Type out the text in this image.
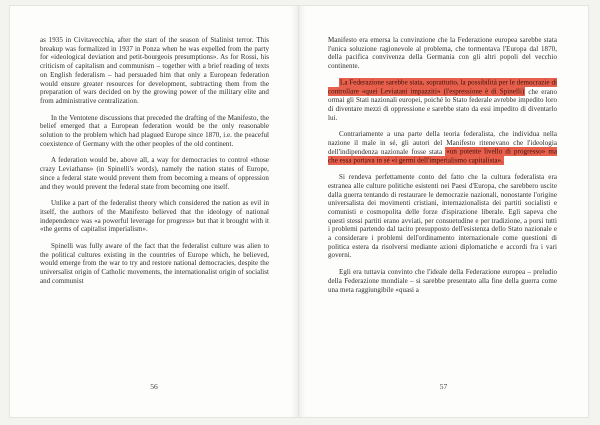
as 1935 in Civitavecchia, after the start of the season of Stalinist terror. This breakup was formalized in 1937 in Ponza when he was expelled from the party for «ideological deviation and petit-bourgeois presumptions». As for Rossi, his criticism of capitalism and communism – together with a brief reading of texts on English federalism – had persuaded him that only a European federation would ensure greater resources for development, subtracting them from the preparation of wars decided on by the growing power of the military elite and from administrative centralization.

In the Ventotene discussions that preceded the drafting of the Manifesto, the belief emerged that a European federation would be the only reasonable solution to the problem which had plagued Europe since 1870, i.e. the peaceful coexistence of Germany with the other peoples of the old continent.

A federation would be, above all, a way for democracies to control «those crazy Leviathans» (in Spinelli's words), namely the nation states of Europe, since a federal state would prevent them from becoming a means of oppression and they would prevent the federal state from becoming one itself.

Unlike a part of the federalist theory which considered the nation as evil in itself, the authors of the Manifesto believed that the ideology of national independence was «a powerful leverage for progress» but that it brought with it «the germs of capitalist imperialism».

Spinelli was fully aware of the fact that the federalist culture was alien to the political cultures existing in the countries of Europe which, he believed, would emerge from the war to try and restore national democracies, despite the universalist origin of Catholic movements, the internationalist origin of socialist and communist

56

Manifesto era emersa la convinzione che la Federazione europea sarebbe stata l'unica soluzione ragionevole al problema, che tormentava l'Europa dal 1870, della pacifica convivenza della Germania con gli altri popoli del vecchio continente.

La Federazione sarebbe stata, soprattutto, la possibilità per le democrazie di controllare «quei Leviatani impazziti» (l'espressione è di Spinelli) che erano ormai gli Stati nazionali europei, poiché lo Stato federale avrebbe impedito loro di diventare mezzi di oppressione e sarebbe stato da essi impedito di diventarlo lui.

Contrariamente a una parte della teoria federalista, che individua nella nazione il male in sé, gli autori del Manifesto ritenevano che l'ideologia dell'indipendenza nazionale fosse stata «un potente livello di progresso» ma che essa portava in sé «i germi dell'imperialismo capitalista».

Si rendeva perfettamente conto del fatto che la cultura federalista era estranea alle culture politiche esistenti nei Paesi d'Europa, che sarebbero uscite dalla guerra tentando di restaurare le democrazie nazionali, nonostante l'origine universalista dei movimenti cristiani, internazionalista dei partiti socialisti e comunisti e cosmopolita delle forze d'ispirazione liberale. Egli sapeva che questi stessi partiti erano avviati, per consuetudine e per tradizione, a porsi tutti i problemi partendo dal tacito presupposto dell'esistenza dello Stato nazionale e a considerare i problemi dell'ordinamento internazionale come questioni di politica estera da risolversi mediante azioni diplomatiche e accordi fra i vari governi.

Egli era tuttavia convinto che l'ideale della Federazione europea – preludio della Federazione mondiale – si sarebbe presentato alla fine della guerra come una meta raggiungibile «quasi a

57
